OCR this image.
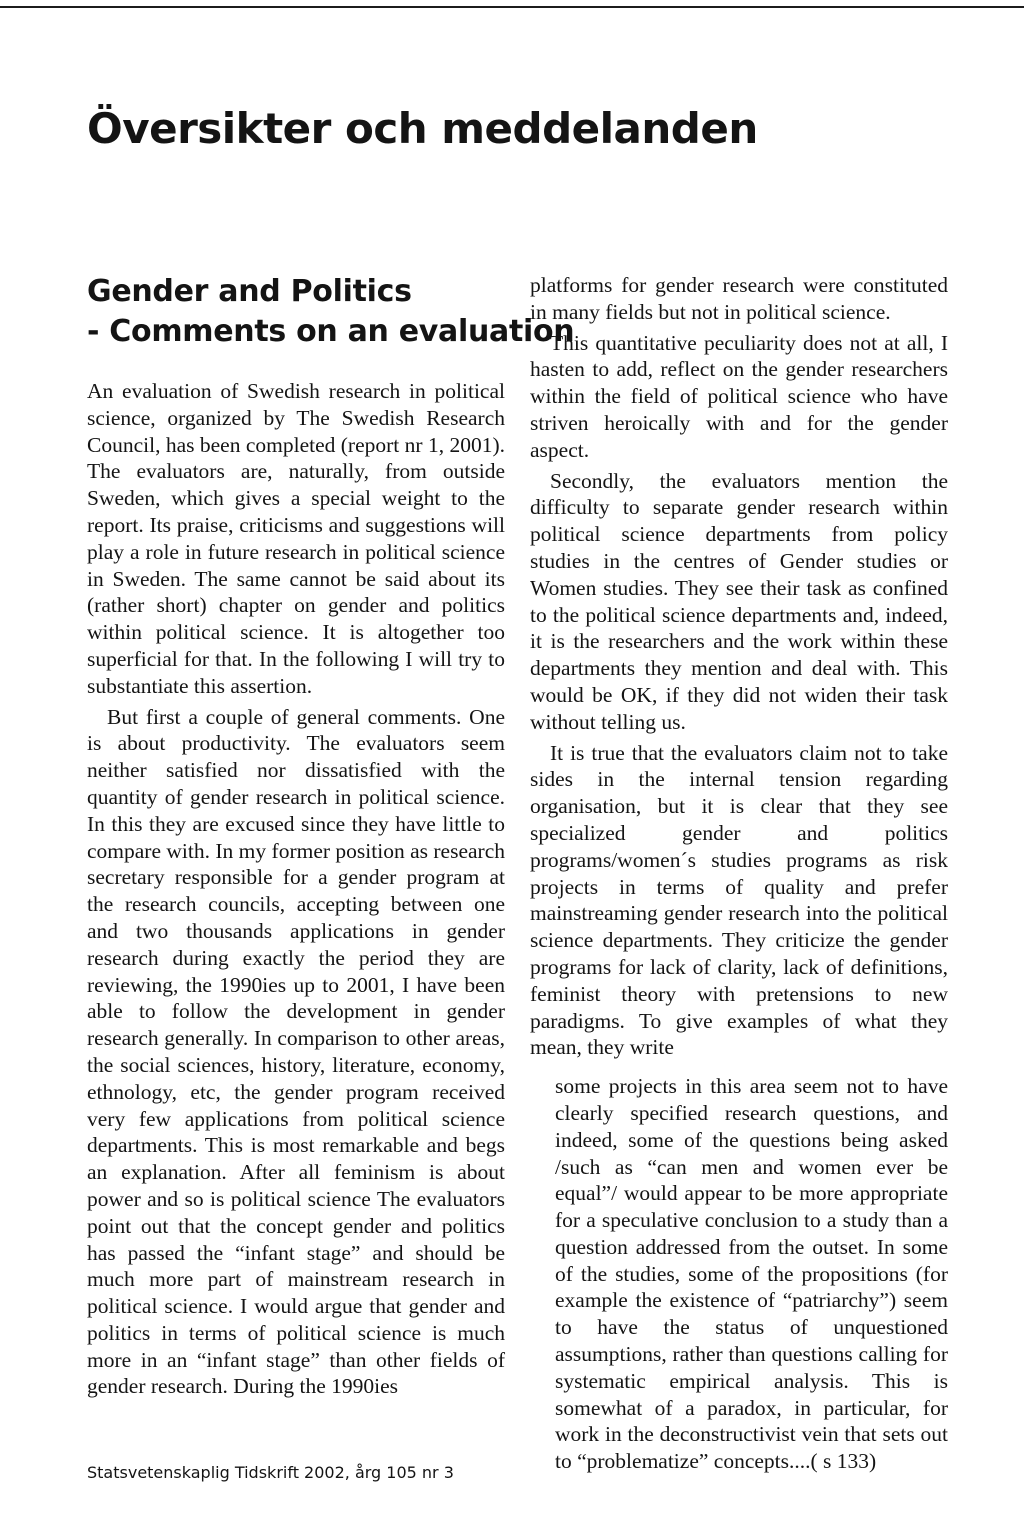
Översikter och meddelanden
Gender and Politics
- Comments on an evaluation

An evaluation of Swedish research in political science, organized by The Swedish Research Council, has been completed (report nr 1, 2001). The evaluators are, naturally, from outside Sweden, which gives a special weight to the report. Its praise, criticisms and suggestions will play a role in future research in political science in Sweden. The same cannot be said about its (rather short) chapter on gender and politics within political science. It is altogether too superficial for that. In the following I will try to substantiate this assertion.

But first a couple of general comments. One is about productivity. The evaluators seem neither satisfied nor dissatisfied with the quantity of gender research in political science. In this they are excused since they have little to compare with. In my former position as research secretary responsible for a gender program at the research councils, accepting between one and two thousands applications in gender research during exactly the period they are reviewing, the 1990ies up to 2001, I have been able to follow the development in gender research generally. In comparison to other areas, the social sciences, history, literature, economy, ethnology, etc, the gender program received very few applications from political science departments. This is most remarkable and begs an explanation. After all feminism is about power and so is political science The evaluators point out that the concept gender and politics has passed the “infant stage” and should be much more part of mainstream research in political science. I would argue that gender and politics in terms of political science is much more in an “infant stage” than other fields of gender research. During the 1990ies

platforms for gender research were constituted in many fields but not in political science.

This quantitative peculiarity does not at all, I hasten to add, reflect on the gender researchers within the field of political science who have striven heroically with and for the gender aspect.

Secondly, the evaluators mention the difficulty to separate gender research within political science departments from policy studies in the centres of Gender studies or Women studies. They see their task as confined to the political science departments and, indeed, it is the researchers and the work within these departments they mention and deal with. This would be OK, if they did not widen their task without telling us.

It is true that the evaluators claim not to take sides in the internal tension regarding organisation, but it is clear that they see specialized gender and politics programs/women´s studies programs as risk projects in terms of quality and prefer mainstreaming gender research into the political science departments. They criticize the gender programs for lack of clarity, lack of definitions, feminist theory with pretensions to new paradigms. To give examples of what they mean, they write

some projects in this area seem not to have clearly specified research questions, and indeed, some of the questions being asked /such as “can men and women ever be equal”/ would appear to be more appropriate for a speculative conclusion to a study than a question addressed from the outset. In some of the studies, some of the propositions (for example the existence of “patriarchy”) seem to have the status of unquestioned assumptions, rather than questions calling for systematic empirical analysis. This is somewhat of a paradox, in particular, for work in the deconstructivist vein that sets out to “problematize” concepts....( s 133)

Statsvetenskaplig Tidskrift 2002, årg 105 nr 3
